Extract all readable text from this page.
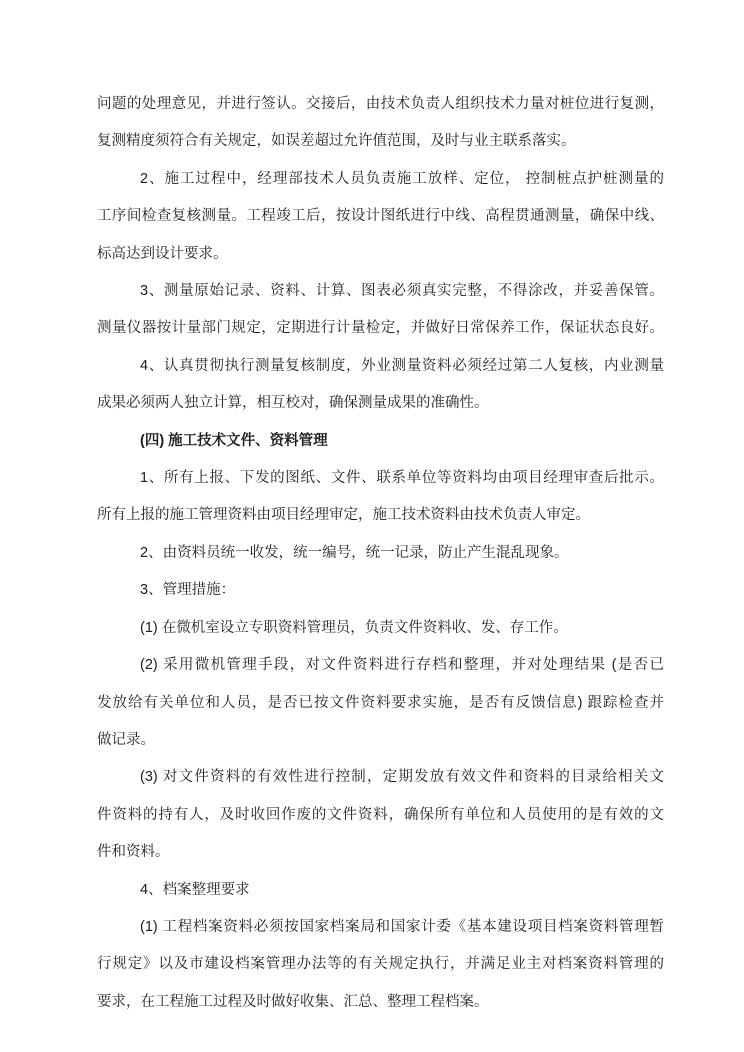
问题的处理意见，并进行签认。交接后，由技术负责人组织技术力量对桩位进行复测，
复测精度须符合有关规定，如误差超过允许值范围，及时与业主联系落实。
2、施工过程中，经理部技术人员负责施工放样、定位， 控制桩点护桩测量的
工序间检查复核测量。工程竣工后，按设计图纸进行中线、高程贯通测量，确保中线、
标高达到设计要求。
3、测量原始记录、资料、计算、图表必须真实完整，不得涂改，并妥善保管。
测量仪器按计量部门规定，定期进行计量检定，并做好日常保养工作，保证状态良好。
4、认真贯彻执行测量复核制度，外业测量资料必须经过第二人复核，内业测量
成果必须两人独立计算，相互校对，确保测量成果的准确性。
(四) 施工技术文件、资料管理
1、所有上报、下发的图纸、文件、联系单位等资料均由项目经理审查后批示。
所有上报的施工管理资料由项目经理审定，施工技术资料由技术负责人审定。
2、由资料员统一收发，统一编号，统一记录，防止产生混乱现象。
3、管理措施：
(1) 在微机室设立专职资料管理员，负责文件资料收、发、存工作。
(2) 采用微机管理手段，对文件资料进行存档和整理，并对处理结果 (是否已
发放给有关单位和人员，是否已按文件资料要求实施，是否有反馈信息) 跟踪检查并
做记录。
(3) 对文件资料的有效性进行控制，定期发放有效文件和资料的目录给相关文
件资料的持有人，及时收回作废的文件资料，确保所有单位和人员使用的是有效的文
件和资料。
4、档案整理要求
(1) 工程档案资料必须按国家档案局和国家计委《基本建设项目档案资料管理暂
行规定》以及市建设档案管理办法等的有关规定执行，并满足业主对档案资料管理的
要求，在工程施工过程及时做好收集、汇总、整理工程档案。
